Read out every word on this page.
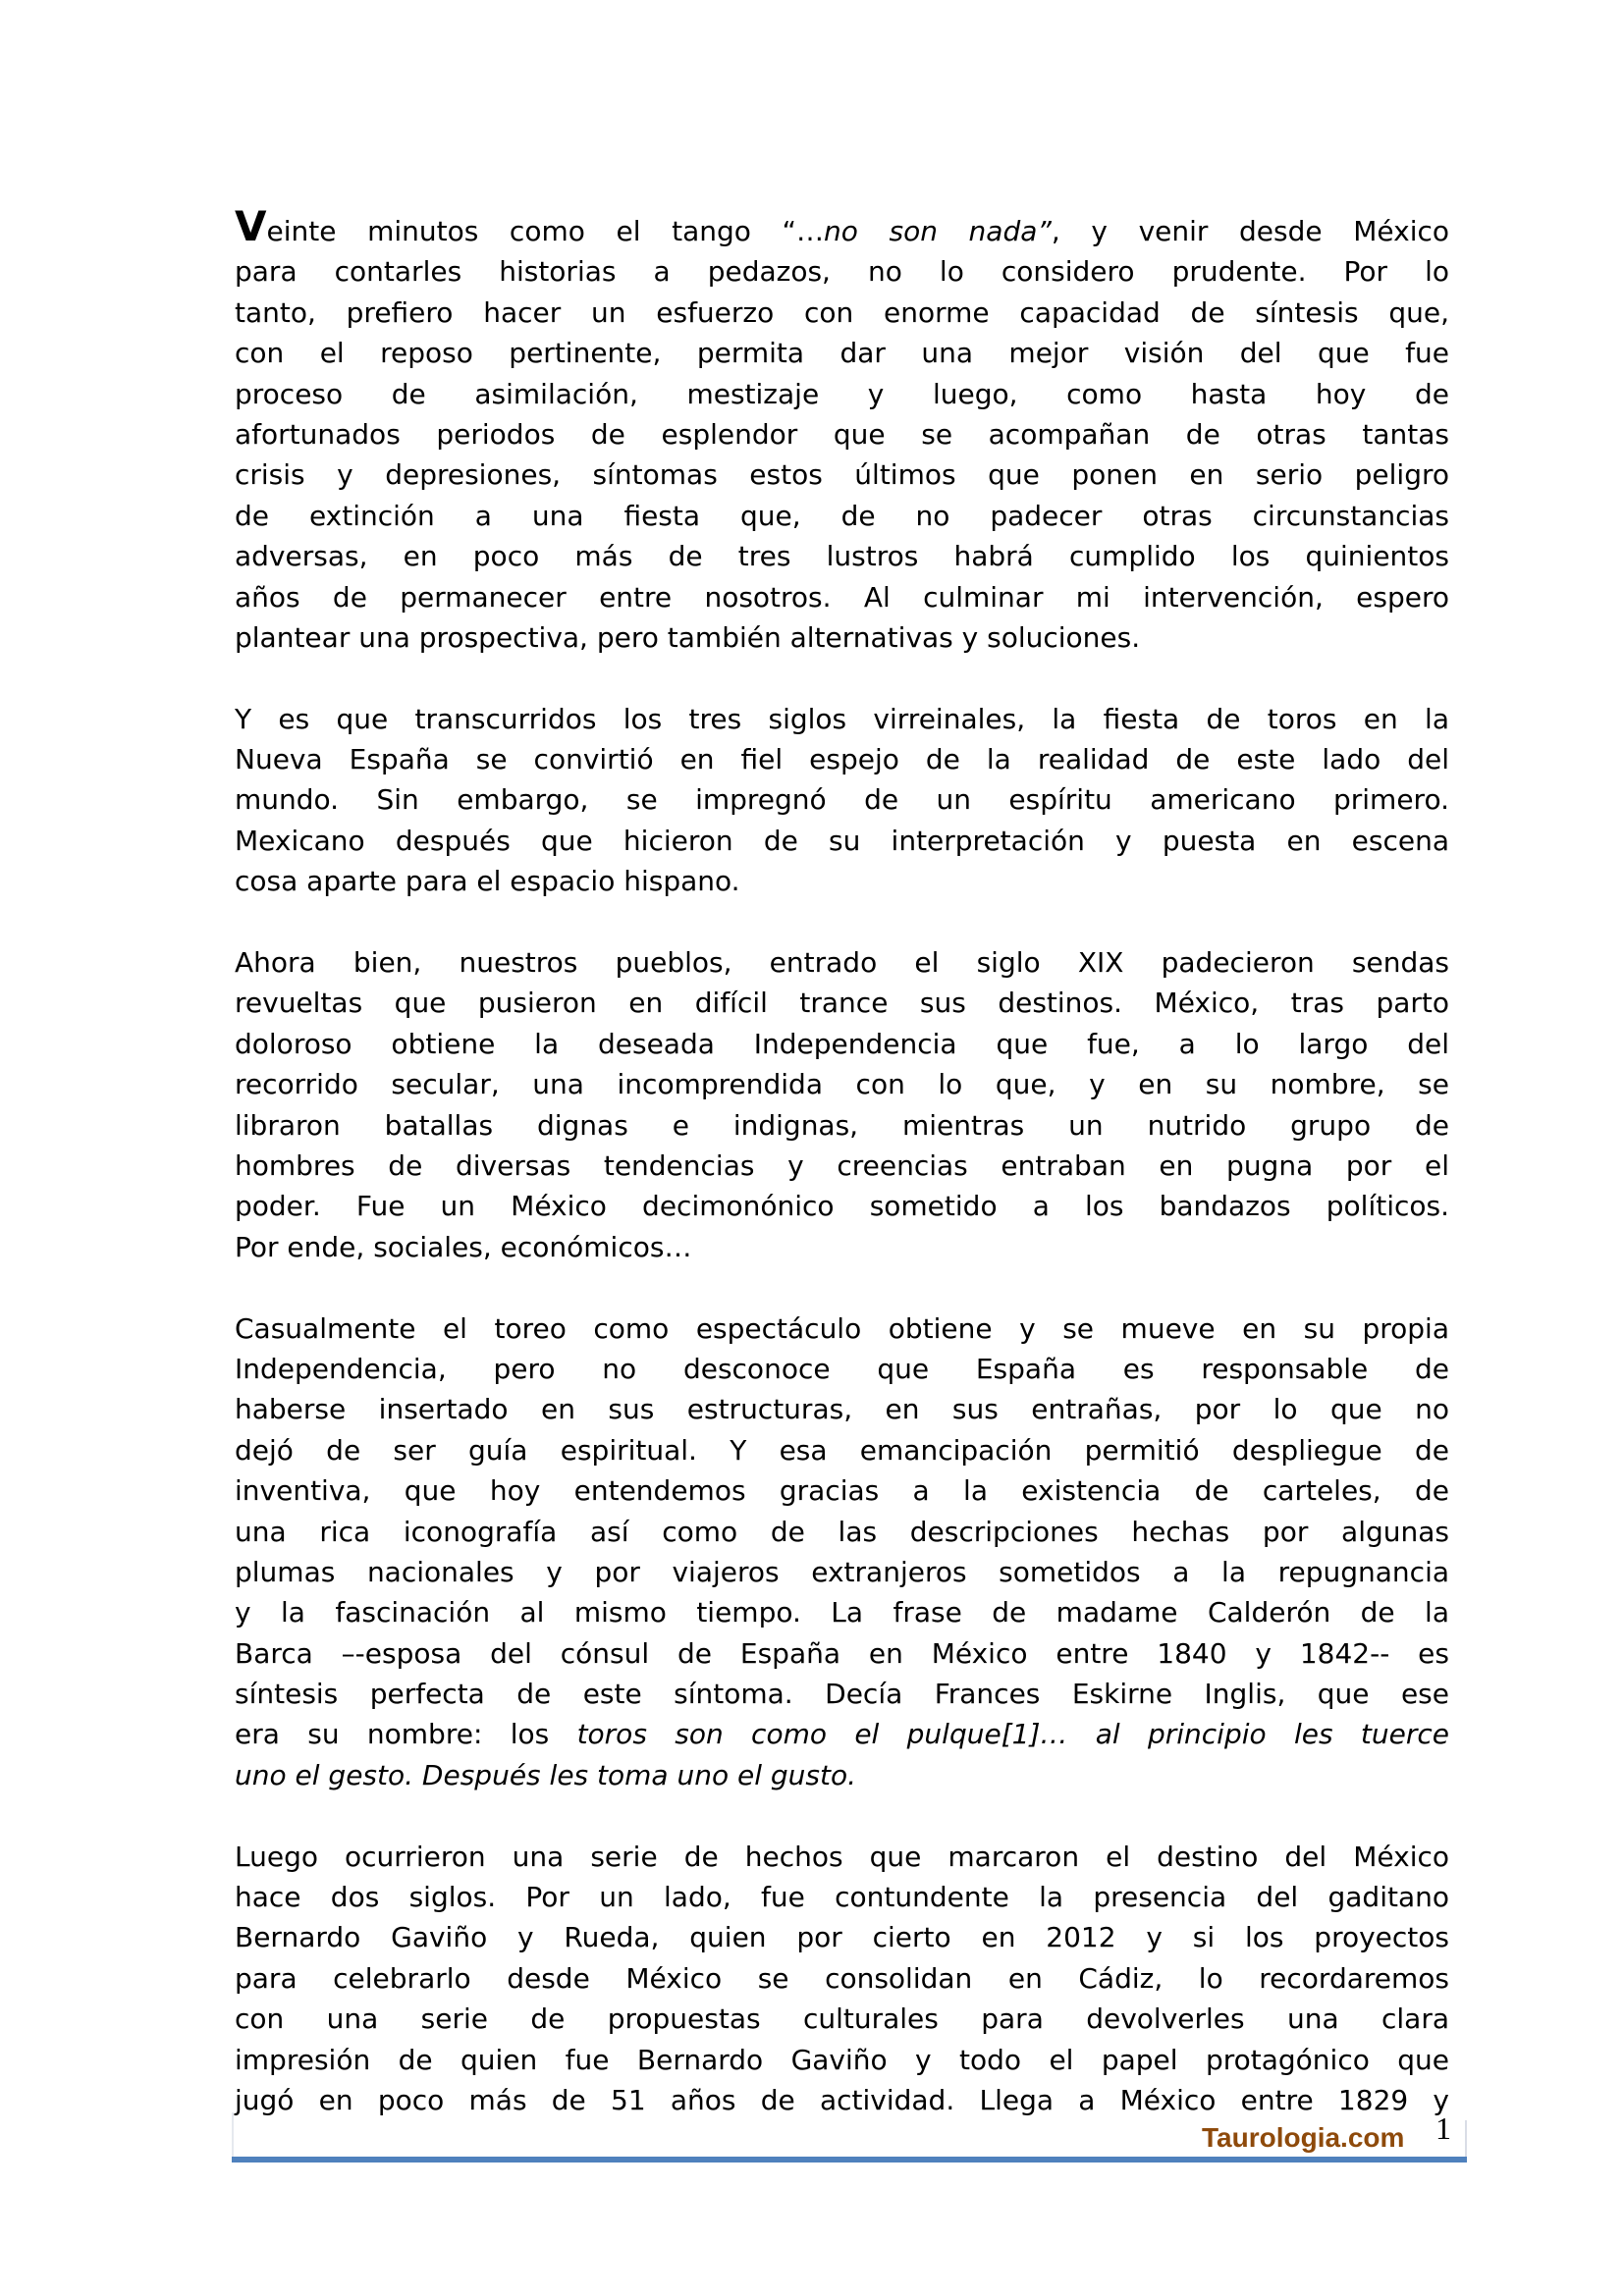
Veinte minutos como el tango “…no son nada”, y venir desde México
para contarles historias a pedazos, no lo considero prudente. Por lo
tanto, prefiero hacer un esfuerzo con enorme capacidad de síntesis que,
con el reposo pertinente, permita dar una mejor visión del que fue
proceso de asimilación, mestizaje y luego, como hasta hoy de
afortunados periodos de esplendor que se acompañan de otras tantas
crisis y depresiones, síntomas estos últimos que ponen en serio peligro
de extinción a una fiesta que, de no padecer otras circunstancias
adversas, en poco más de tres lustros habrá cumplido los quinientos
años de permanecer entre nosotros. Al culminar mi intervención, espero
plantear una prospectiva, pero también alternativas y soluciones.
Y es que transcurridos los tres siglos virreinales, la fiesta de toros en la
Nueva España se convirtió en fiel espejo de la realidad de este lado del
mundo. Sin embargo, se impregnó de un espíritu americano primero.
Mexicano después que hicieron de su interpretación y puesta en escena
cosa aparte para el espacio hispano.
Ahora bien, nuestros pueblos, entrado el siglo XIX padecieron sendas
revueltas que pusieron en difícil trance sus destinos. México, tras parto
doloroso obtiene la deseada Independencia que fue, a lo largo del
recorrido secular, una incomprendida con lo que, y en su nombre, se
libraron batallas dignas e indignas, mientras un nutrido grupo de
hombres de diversas tendencias y creencias entraban en pugna por el
poder. Fue un México decimonónico sometido a los bandazos políticos.
Por ende, sociales, económicos…
Casualmente el toreo como espectáculo obtiene y se mueve en su propia
Independencia, pero no desconoce que España es responsable de
haberse insertado en sus estructuras, en sus entrañas, por lo que no
dejó de ser guía espiritual. Y esa emancipación permitió despliegue de
inventiva, que hoy entendemos gracias a la existencia de carteles, de
una rica iconografía así como de las descripciones hechas por algunas
plumas nacionales y por viajeros extranjeros sometidos a la repugnancia
y la fascinación al mismo tiempo. La frase de madame Calderón de la
Barca –-esposa del cónsul de España en México entre 1840 y 1842-- es
síntesis perfecta de este síntoma. Decía Frances Eskirne Inglis, que ese
era su nombre: los toros son como el pulque[1]… al principio les tuerce
uno el gesto. Después les toma uno el gusto.
Luego ocurrieron una serie de hechos que marcaron el destino del México
hace dos siglos. Por un lado, fue contundente la presencia del gaditano
Bernardo Gaviño y Rueda, quien por cierto en 2012 y si los proyectos
para celebrarlo desde México se consolidan en Cádiz, lo recordaremos
con una serie de propuestas culturales para devolverles una clara
impresión de quien fue Bernardo Gaviño y todo el papel protagónico que
jugó en poco más de 51 años de actividad. Llega a México entre 1829 y
Taurologia.com 1
